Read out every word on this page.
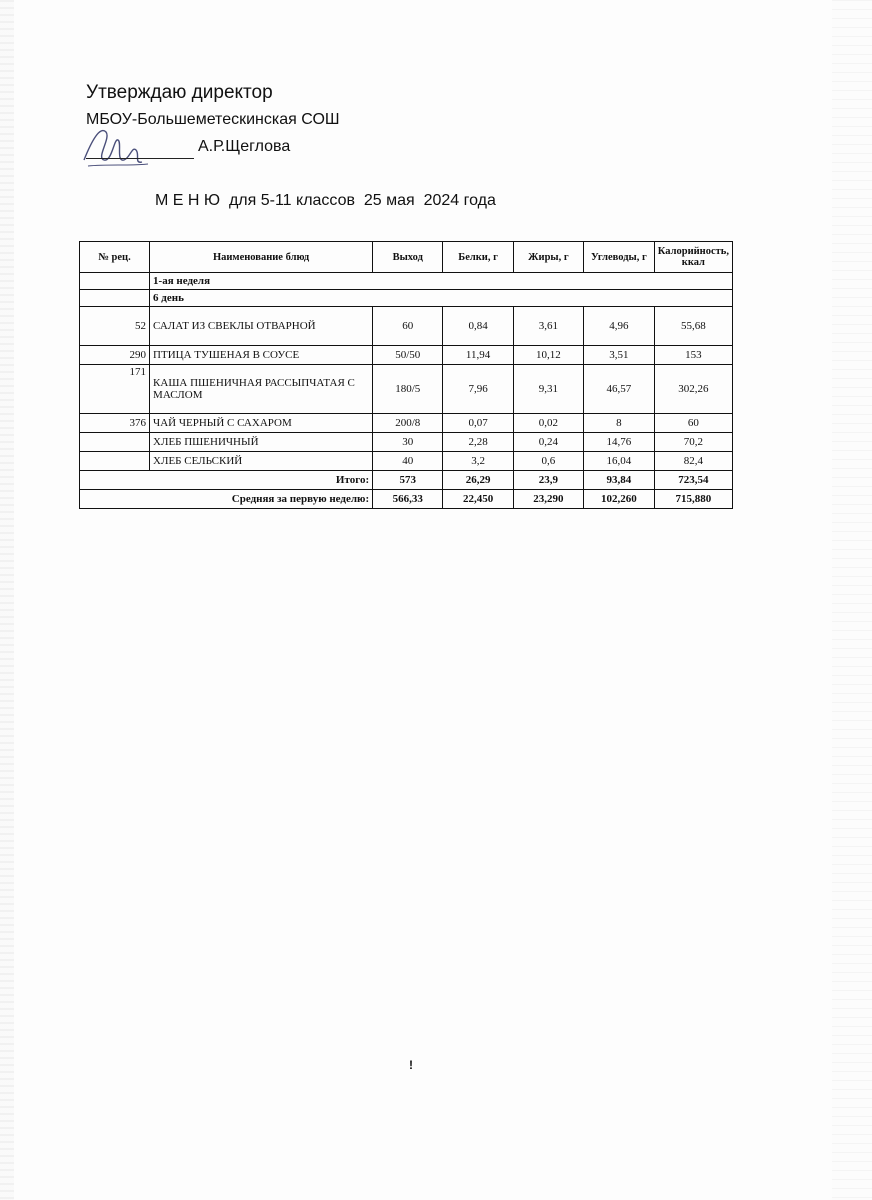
Утверждаю директор
МБОУ-Большеметескинская СОШ
А.Р.Щеглова
М Е Н Ю  для 5-11 классов  25 мая  2024 года
№ рец.	Наименование блюд	Выход	Белки, г	Жиры, г	Углеводы, г	Калорийность, ккал
	1-ая неделя					
	6 день					
52	САЛАТ ИЗ СВЕКЛЫ ОТВАРНОЙ	60	0,84	3,61	4,96	55,68
290	ПТИЦА ТУШЕНАЯ В СОУСЕ	50/50	11,94	10,12	3,51	153
171	КАША ПШЕНИЧНАЯ РАССЫПЧАТАЯ С МАСЛОМ	180/5	7,96	9,31	46,57	302,26
376	ЧАЙ ЧЕРНЫЙ С САХАРОМ	200/8	0,07	0,02	8	60
	ХЛЕБ ПШЕНИЧНЫЙ	30	2,28	0,24	14,76	70,2
	ХЛЕБ СЕЛЬСКИЙ	40	3,2	0,6	16,04	82,4
Итого:		573	26,29	23,9	93,84	723,54
Средняя за первую неделю:		566,33	22,450	23,290	102,260	715,880
!
